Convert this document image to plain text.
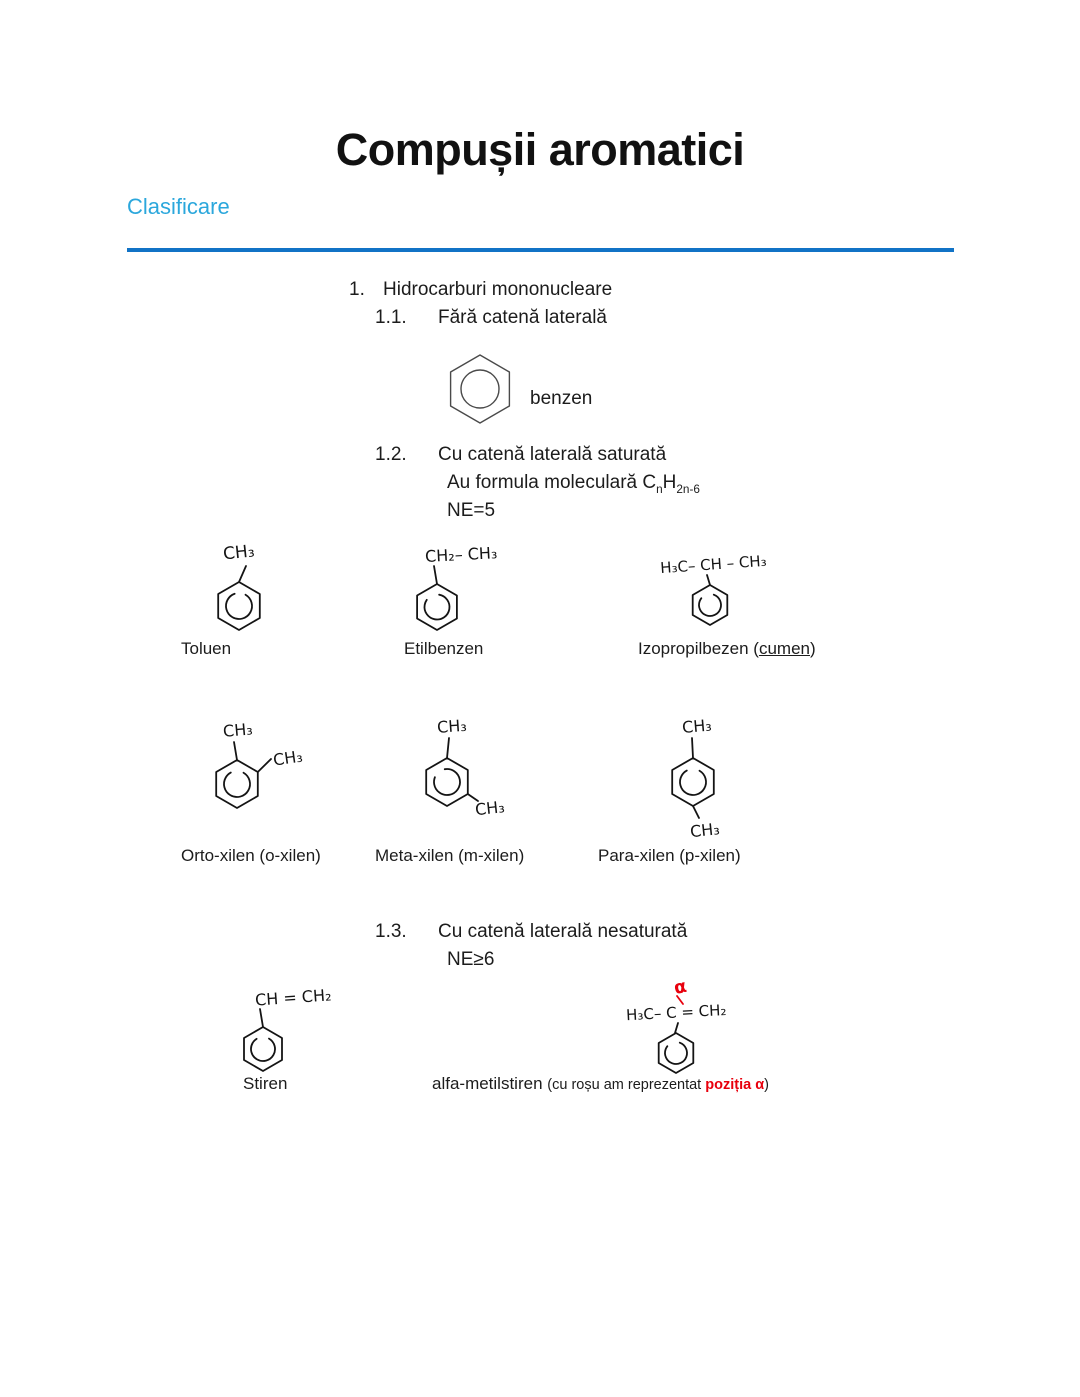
Compușii aromatici
Clasificare
1. Hidrocarburi mononucleare
1.1. Fără catenă laterală
benzen
1.2. Cu catenă laterală saturată
Au formula moleculară $C_nH_{2n-6}$
NE=5
CH₃	CH₂– CH₃	H₃C– CH – CH₃
Toluen	Etilbenzen	Izopropilbezen (cumen)
CH₃
CH₃
CH₃
CH₃
CH₃
CH₃
Orto-xilen (o-xilen)	Meta-xilen (m-xilen)	Para-xilen (p-xilen)
1.3. Cu catenă laterală nesaturată
NE≥6
CH = CH₂	α
H₃C– C = CH₂
Stiren	alfa-metilstiren (cu roșu am reprezentat poziția α)
